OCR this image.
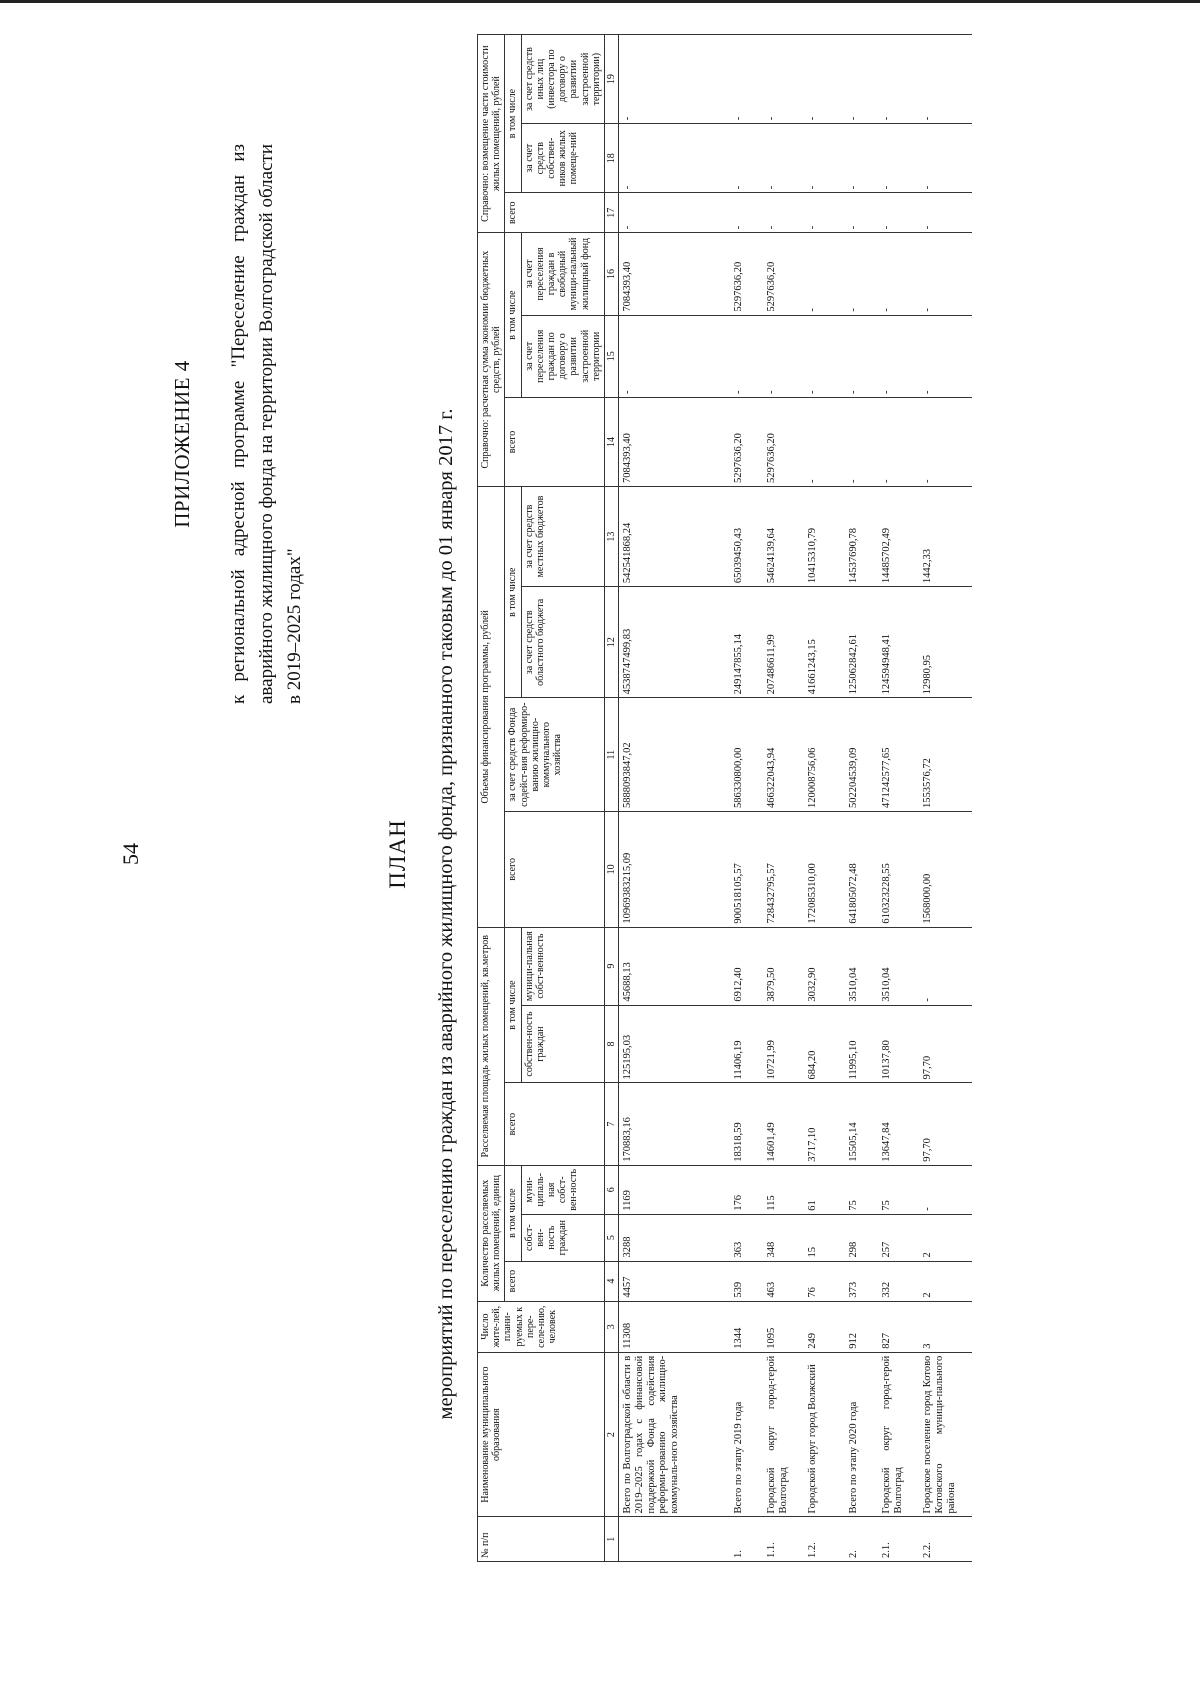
54
ПРИЛОЖЕНИЕ 4 к региональной адресной программе "Переселение граждан из аварийного жилищного фонда на территории Волгоградской области в 2019–2025 годах"
ПЛАН мероприятий по переселению граждан из аварийного жилищного фонда, признанного таковым до 01 января 2017 г.
№ п/п	Наименование муниципального образования	Число жите-лей, плани-руемых к пере-селе-нию, человек	Количество расселяемых жилых помещений, единиц			Расселяемая площадь жилых помещений, кв.метров			Объемы финансирования программы, рублей				Справочно: расчетная сумма экономии бюджетных средств, рублей			Справочно: возмещение части стоимости жилых помещений, рублей		
			всего	в том числе		всего	в том числе		всего	за счет средств Фонда содейст-вия реформиро-ванию жилищно-коммунального хозяйства	в том числе		всего	в том числе		всего	в том числе	
				собст-вен-ность граждан	муни-ципаль-ная собст-вен-ность		собствен-ность граждан	муници-пальная собст-венность			за счет средств областного бюджета	за счет средств местных бюджетов		за счет переселения граждан по договору о развитии застроенной территории	за счет переселения граждан в свободный муници-пальный жилищный фонд		за счет средств собствен-ников жилых помеще-ний	за счет средств иных лиц (инвестора по договору о развитии застроенной территории)
1	2	3	4	5	6	7	8	9	10	11	12	13	14	15	16	17	18	19
	Всего по Волгоградской области в 2019–2025 годах с финансовой поддержкой Фонда содействия реформи-рованию жилищно-коммуналь-ного хозяйства	11308	4457	3288	1169	170883,16	125195,03	45688,13	10969383215,09	5888093847,02	4538747499,83	542541868,24	7084393,40	-	7084393,40	-	-	-
1.	Всего по этапу 2019 года	1344	539	363	176	18318,59	11406,19	6912,40	900518105,57	586330800,00	249147855,14	65039450,43	5297636,20	-	5297636,20	-	-	-
1.1.	Городской округ город-герой Волгоград	1095	463	348	115	14601,49	10721,99	3879,50	728432795,57	466322043,94	207486611,99	54624139,64	5297636,20	-	5297636,20	-	-	-
1.2.	Городской округ город Волжский	249	76	15	61	3717,10	684,20	3032,90	172085310,00	120008756,06	41661243,15	10415310,79	-	-	-	-	-	-
2.	Всего по этапу 2020 года	912	373	298	75	15505,14	11995,10	3510,04	641805072,48	502204539,09	125062842,61	14537690,78	-	-	-	-	-	-
2.1.	Городской округ город-герой Волгоград	827	332	257	75	13647,84	10137,80	3510,04	610323228,55	471242577,65	124594948,41	14485702,49	-	-	-	-	-	-
2.2.	Городское поселение город Котово Котовского муници-пального района	3	2	2	-	97,70	97,70	-	1568000,00	1553576,72	12980,95	1442,33	-	-	-	-	-	-
